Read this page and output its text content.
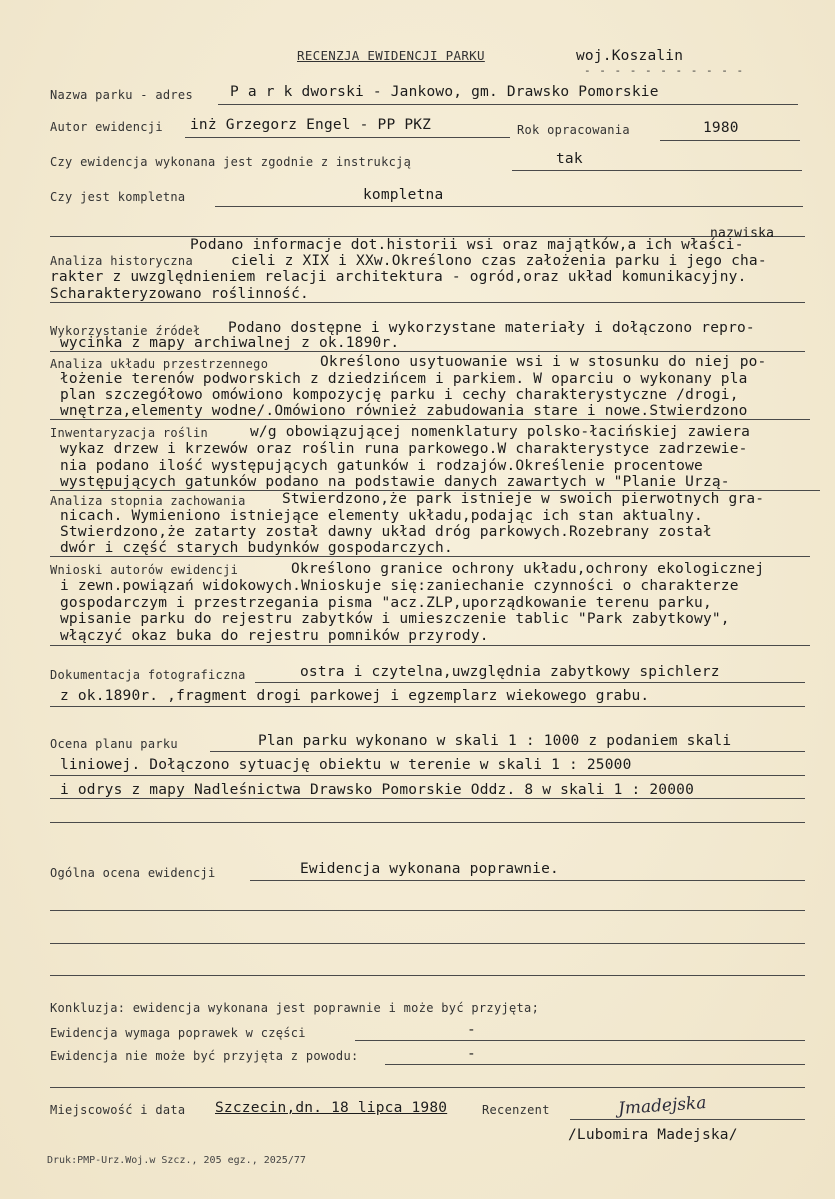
RECENZJA EWIDENCJI PARKU	woj.Koszalin
- - - - - - - - - - -
Nazwa parku - adres	P a r k dworski - Jankowo, gm. Drawsko Pomorskie
Autor ewidencji inż Grzegorz Engel - PP PKZ	Rok opracowania	1980
Czy ewidencja wykonana jest zgodnie z instrukcją	tak
Czy jest kompletna	kompletna
nazwiska
Podano informacje dot.historii wsi oraz majątków,a ich właści-
Analiza historyczna	cieli z XIX i XXw.Określono czas założenia parku i jego cha-
rakter z uwzględnieniem relacji architektura - ogród,oraz układ komunikacyjny.
Scharakteryzowano roślinność.
Wykorzystanie źródeł Podano dostępne i wykorzystane materiały i dołączono repro-
wycinka z mapy archiwalnej z ok.1890r.
Analiza układu przestrzennego	Określono usytuowanie wsi i w stosunku do niej po-
łożenie terenów podworskich z dziedzińcem i parkiem. W oparciu o wykonany pla
plan szczegółowo omówiono kompozycję parku i cechy charakterystyczne /drogi,
wnętrza,elementy wodne/.Omówiono również zabudowania stare i nowe.Stwierdzono
Inwentaryzacja roślin	w/g obowiązującej nomenklatury polsko-łacińskiej zawiera
wykaz drzew i krzewów oraz roślin runa parkowego.W charakterystyce zadrzewie-
nia podano ilość występujących gatunków i rodzajów.Określenie procentowe
występujących gatunków podano na podstawie danych zawartych w "Planie Urzą-
Analiza stopnia zachowania	Stwierdzono,że park istnieje w swoich pierwotnych gra-
nicach. Wymieniono istniejące elementy układu,podając ich stan aktualny.
Stwierdzono,że zatarty został dawny układ dróg parkowych.Rozebrany został
dwór i część starych budynków gospodarczych.
Wnioski autorów ewidencji	Określono granice ochrony układu,ochrony ekologicznej
i zewn.powiązań widokowych.Wnioskuje się:zaniechanie czynności o charakterze
gospodarczym i przestrzegania pisma "acz.ZLP,uporządkowanie terenu parku,
wpisanie parku do rejestru zabytków i umieszczenie tablic "Park zabytkowy",
włączyć okaz buka do rejestru pomników przyrody.
Dokumentacja fotograficzna	ostra i czytelna,uwzględnia zabytkowy spichlerz
z ok.1890r. ,fragment drogi parkowej i egzemplarz wiekowego grabu.
Ocena planu parku	Plan parku wykonano w skali 1 : 1000 z podaniem skali
liniowej. Dołączono sytuację obiektu w terenie w skali 1 : 25000
i odrys z mapy Nadleśnictwa Drawsko Pomorskie Oddz. 8 w skali 1 : 20000
Ogólna ocena ewidencji	Ewidencja wykonana poprawnie.
Konkluzja: ewidencja wykonana jest poprawnie i może być przyjęta;
Ewidencja wymaga poprawek w części	-
Ewidencja nie może być przyjęta z powodu:	-
Miejscowość i data Szczecin,dn. 18 lipca 1980	Recenzent	Jmadejska
/Lubomira Madejska/
Druk:PMP-Urz.Woj.w Szcz., 205 egz., 2025/77
